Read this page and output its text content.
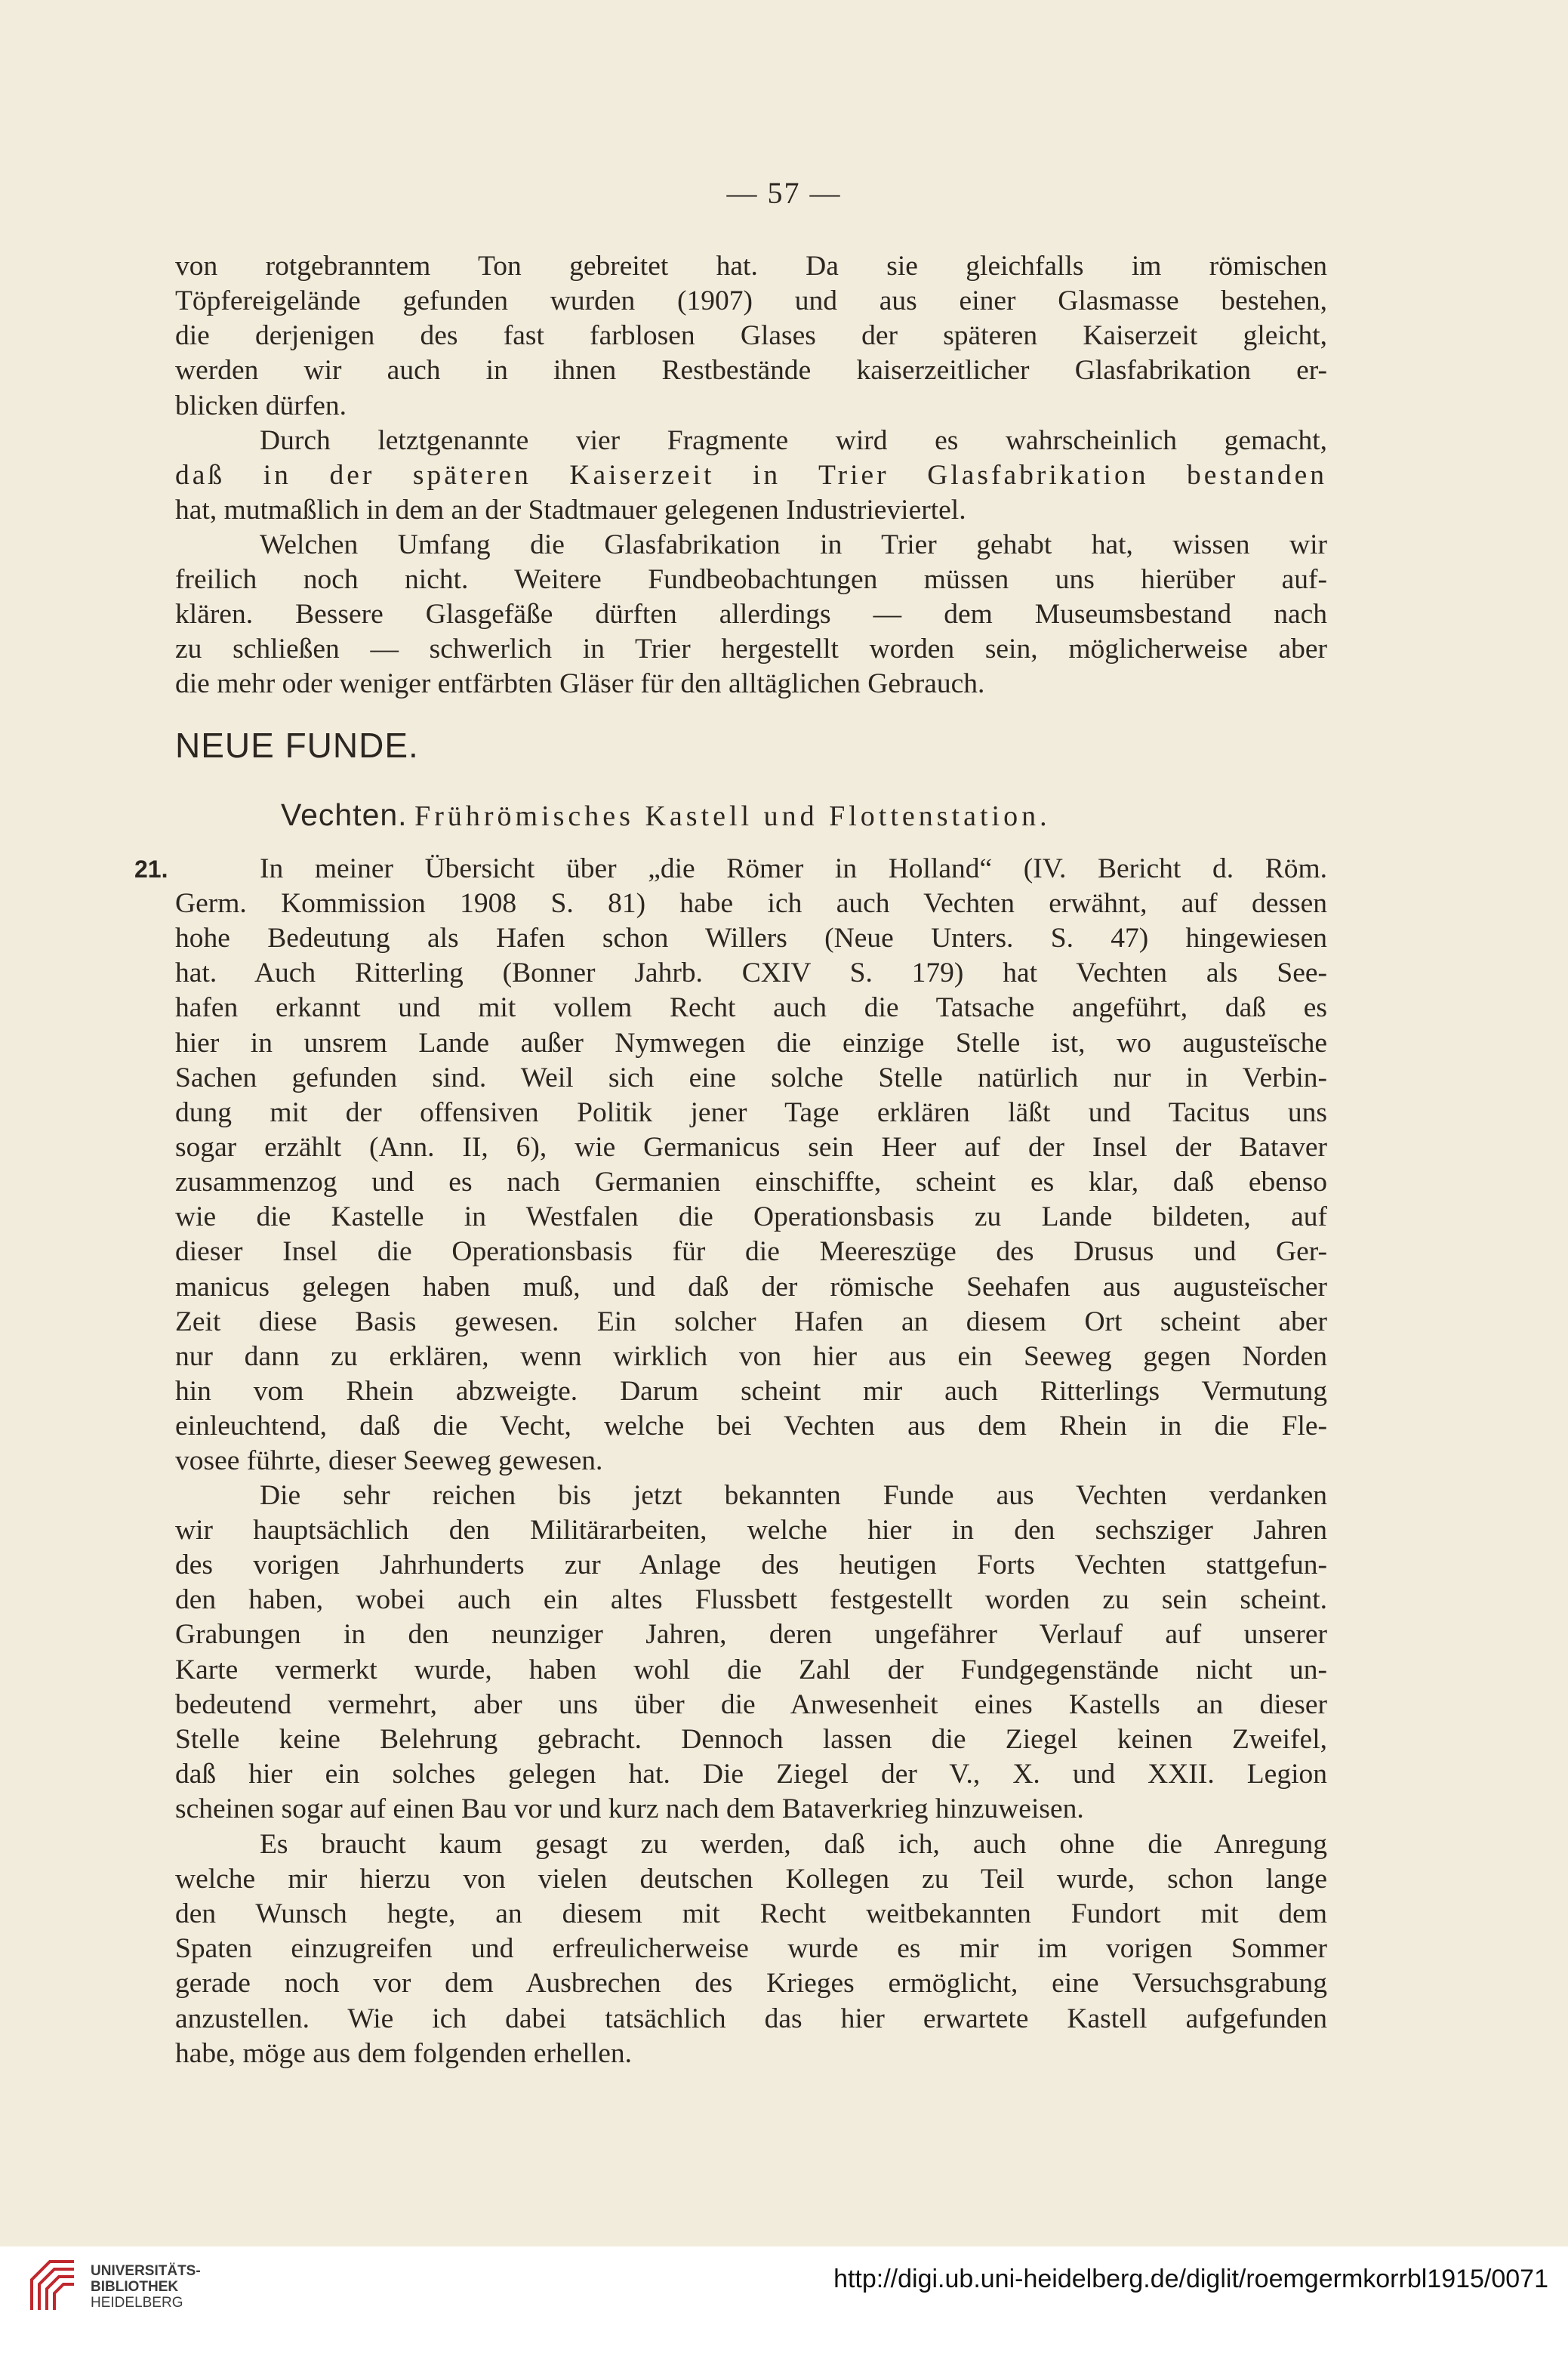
— 57 —
von rotgebranntem Ton gebreitet hat. Da sie gleichfalls im römischen
Töpfereigelände gefunden wurden (1907) und aus einer Glasmasse bestehen,
die derjenigen des fast farblosen Glases der späteren Kaiserzeit gleicht,
werden wir auch in ihnen Restbestände kaiserzeitlicher Glasfabrikation er-
blicken dürfen.
Durch letztgenannte vier Fragmente wird es wahrscheinlich gemacht,
daß in der späteren Kaiserzeit in Trier Glasfabrikation bestanden
hat, mutmaßlich in dem an der Stadtmauer gelegenen Industrieviertel.
Welchen Umfang die Glasfabrikation in Trier gehabt hat, wissen wir
freilich noch nicht. Weitere Fundbeobachtungen müssen uns hierüber auf-
klären. Bessere Glasgefäße dürften allerdings — dem Museumsbestand nach
zu schließen — schwerlich in Trier hergestellt worden sein, möglicherweise aber
die mehr oder weniger entfärbten Gläser für den alltäglichen Gebrauch.
NEUE FUNDE.
Vechten. Frührömisches Kastell und Flottenstation.
21.	In meiner Übersicht über „die Römer in Holland“ (IV. Bericht d. Röm.
Germ. Kommission 1908 S. 81) habe ich auch Vechten erwähnt, auf dessen
hohe Bedeutung als Hafen schon Willers (Neue Unters. S. 47) hingewiesen
hat. Auch Ritterling (Bonner Jahrb. CXIV S. 179) hat Vechten als See-
hafen erkannt und mit vollem Recht auch die Tatsache angeführt, daß es
hier in unsrem Lande außer Nymwegen die einzige Stelle ist, wo augusteïsche
Sachen gefunden sind. Weil sich eine solche Stelle natürlich nur in Verbin-
dung mit der offensiven Politik jener Tage erklären läßt und Tacitus uns
sogar erzählt (Ann. II, 6), wie Germanicus sein Heer auf der Insel der Bataver
zusammenzog und es nach Germanien einschiffte, scheint es klar, daß ebenso
wie die Kastelle in Westfalen die Operationsbasis zu Lande bildeten, auf
dieser Insel die Operationsbasis für die Meereszüge des Drusus und Ger-
manicus gelegen haben muß, und daß der römische Seehafen aus augusteïscher
Zeit diese Basis gewesen. Ein solcher Hafen an diesem Ort scheint aber
nur dann zu erklären, wenn wirklich von hier aus ein Seeweg gegen Norden
hin vom Rhein abzweigte. Darum scheint mir auch Ritterlings Vermutung
einleuchtend, daß die Vecht, welche bei Vechten aus dem Rhein in die Fle-
vosee führte, dieser Seeweg gewesen.
Die sehr reichen bis jetzt bekannten Funde aus Vechten verdanken
wir hauptsächlich den Militärarbeiten, welche hier in den sechsziger Jahren
des vorigen Jahrhunderts zur Anlage des heutigen Forts Vechten stattgefun-
den haben, wobei auch ein altes Flussbett festgestellt worden zu sein scheint.
Grabungen in den neunziger Jahren, deren ungefährer Verlauf auf unserer
Karte vermerkt wurde, haben wohl die Zahl der Fundgegenstände nicht un-
bedeutend vermehrt, aber uns über die Anwesenheit eines Kastells an dieser
Stelle keine Belehrung gebracht. Dennoch lassen die Ziegel keinen Zweifel,
daß hier ein solches gelegen hat. Die Ziegel der V., X. und XXII. Legion
scheinen sogar auf einen Bau vor und kurz nach dem Bataverkrieg hinzuweisen.
Es braucht kaum gesagt zu werden, daß ich, auch ohne die Anregung
welche mir hierzu von vielen deutschen Kollegen zu Teil wurde, schon lange
den Wunsch hegte, an diesem mit Recht weitbekannten Fundort mit dem
Spaten einzugreifen und erfreulicherweise wurde es mir im vorigen Sommer
gerade noch vor dem Ausbrechen des Krieges ermöglicht, eine Versuchsgrabung
anzustellen. Wie ich dabei tatsächlich das hier erwartete Kastell aufgefunden
habe, möge aus dem folgenden erhellen.
UNIVERSITÄTS-
BIBLIOTHEK
HEIDELBERG
http://digi.ub.uni-heidelberg.de/diglit/roemgermkorrbl1915/0071
